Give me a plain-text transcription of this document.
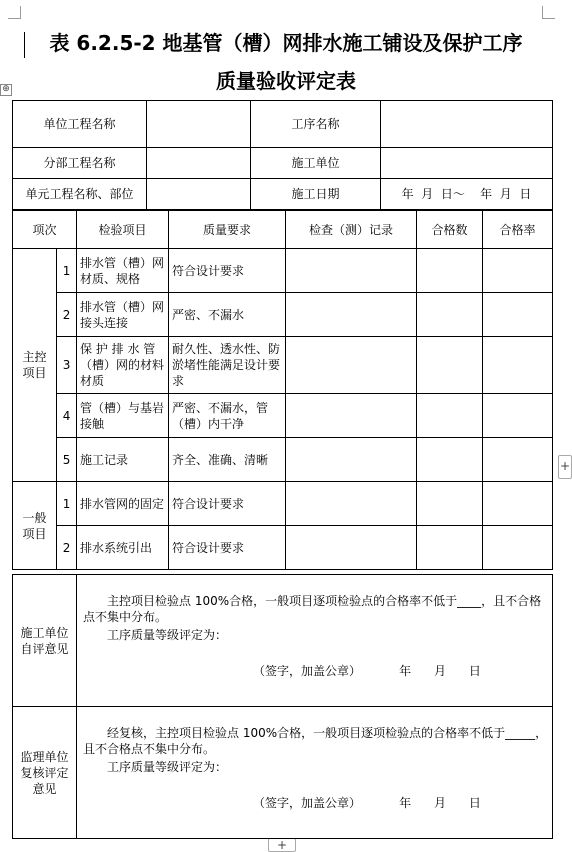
表 6.2.5-2 地基管（槽）网排水施工铺设及保护工序
质量验收评定表
⊕
+
+
单位工程名称		工序名称	
分部工程名称		施工单位	
单元工程名称、部位		施工日期	年  月  日～    年  月  日
项次		检验项目	质量要求	检查（测）记录	合格数	合格率
主控
项目	1	排水管（槽）网材质、规格	符合设计要求			
	2	排水管（槽）网接头连接	严密、不漏水			
	3	保 护 排 水 管（槽）网的材料材质	耐久性、透水性、防淤堵性能满足设计要求			
	4	管（槽）与基岩接触	严密、不漏水，管（槽）内干净			
	5	施工记录	齐全、准确、清晰			
一般
项目	1	排水管网的固定	符合设计要求			
	2	排水系统引出	符合设计要求			
施工单位自评意见	主控项目检验点 100%合格，一般项目逐项检验点的合格率不低于____，且不合格点不集中分布。
工序质量等级评定为：
（签字，加盖公章）          年      月      日

监理单位复核评定意见	经复核，主控项目检验点 100%合格，一般项目逐项检验点的合格率不低于_____，且不合格点不集中分布。
工序质量等级评定为：
（签字，加盖公章）          年      月      日
